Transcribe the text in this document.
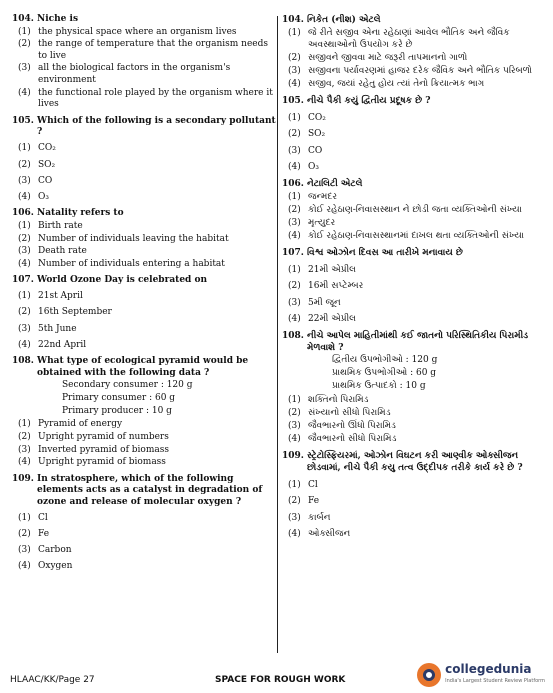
104. Niche is
(1) the physical space where an organism lives
(2) the range of temperature that the organism needs to live
(3) all the biological factors in the organism's environment
(4) the functional role played by the organism where it lives
105. Which of the following is a secondary pollutant ?
(1) CO₂
(2) SO₂
(3) CO
(4) O₃
106. Natality refers to
(1) Birth rate
(2) Number of individuals leaving the habitat
(3) Death rate
(4) Number of individuals entering a habitat
107. World Ozone Day is celebrated on
(1) 21st April
(2) 16th September
(3) 5th June
(4) 22nd April
108. What type of ecological pyramid would be obtained with the following data ?
Secondary consumer : 120 g
Primary consumer : 60 g
Primary producer : 10 g
(1) Pyramid of energy
(2) Upright pyramid of numbers
(3) Inverted pyramid of biomass
(4) Upright pyramid of biomass
109. In stratosphere, which of the following elements acts as a catalyst in degradation of ozone and release of molecular oxygen ?
(1) Cl
(2) Fe
(3) Carbon
(4) Oxygen
104. નિકેત (નીશ) એટલે
(1) જે રીતે સજીવ એના રહેઠાણાં આવેલ ભૌતિક અને જૈવિક અવસ્થાઓનો ઉપયોગ કરે છે
(2) સજીવને જીવવા માટે જરૂરી તાપમાનનો ગાળો
(3) સજીવના પર્યાવરણમાં હાજર દરેક જૈવિક અને ભૌતિક પરિબળો
(4) સજીવ, જયાં રહેતુ હોય ત્યાં તેનો ક્રિયાત્મક ભાગ
105. નીચે પૈકી કયું દ્વિતીય પ્રદૂષક છે ?
(1) CO₂
(2) SO₂
(3) CO
(4) O₃
106. નેટાલિટી એટલે
(1) જન્મદર
(2) કોઈ રહેઠાણ-નિવાસસ્થાન ને છોડી જતા વ્યક્તિઓની સંખ્યા
(3) મૃત્યુદર
(4) કોઈ રહેઠાણ-નિવાસસ્થાનમાં દાખલ થતા વ્યક્તિઓની સંખ્યા
107. વિશ્વ ઓઝોન દિવસ આ તારીખે મનાવાય છે
(1) 21મી એપ્રીલ
(2) 16મી સપ્ટેમ્બર
(3) 5મી જૂન
(4) 22મી એપ્રીલ
108. નીચે આપેલ માહિતીમાંથી કઈ જાતનો પરિસ્થિતિકીય પિરામીડ મેળવાશે ?
દ્વિતીય ઉપભોગીઓ : 120 g
પ્રાથમિક ઉપભોગીઓ : 60 g
પ્રાથમિક ઉત્પાદકો : 10 g
(1) શક્તિનો પિરામિડ
(2) સંખ્યાનો સીધો પિરામિડ
(3) જૈવભારનો ઊંધો પિરામિડ
(4) જૈવભારનો સીધો પિરામિડ
109. સ્ટ્રેટોસ્ફિયરમાં, ઓઝોન વિઘટન કરી આણ્વીક ઓક્સીજન છોડવામાં, નીચે પૈકી કયુ તત્વ ઉદ્દીપક તરીકે કાર્ય કરે છે ?
(1) Cl
(2) Fe
(3) કાર્બન
(4) ઓક્સીજન
HLAAC/KK/Page 27	SPACE FOR ROUGH WORK
collegedunia
India's Largest Student Review Platform
